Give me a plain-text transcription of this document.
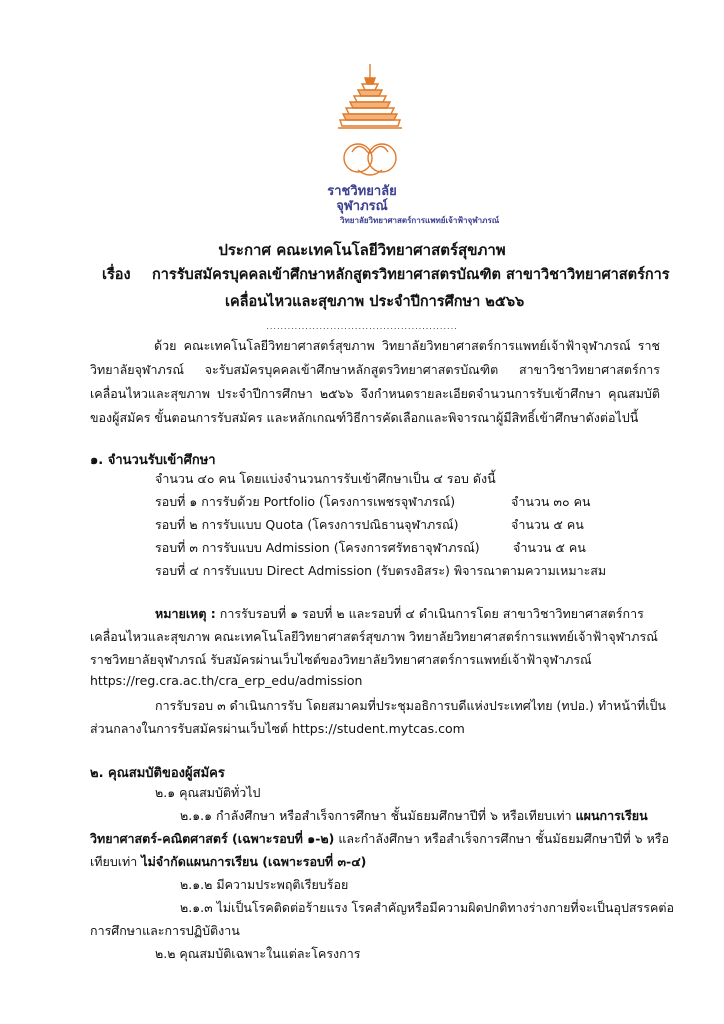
ราชวิทยาลัย
จุฬาภรณ์
วิทยาลัยวิทยาศาสตร์การแพทย์เจ้าฟ้าจุฬาภรณ์
ประกาศ คณะเทคโนโลยีวิทยาศาสตร์สุขภาพ
เรื่อง การรับสมัครบุคคลเข้าศึกษาหลักสูตรวิทยาศาสตรบัณฑิต สาขาวิชาวิทยาศาสตร์การ
เคลื่อนไหวและสุขภาพ ประจำปีการศึกษา ๒๕๖๖
......................................................
ด้วย คณะเทคโนโลยีวิทยาศาสตร์สุขภาพ วิทยาลัยวิทยาศาสตร์การแพทย์เจ้าฟ้าจุฬาภรณ์ ราชวิทยาลัยจุฬาภรณ์ จะรับสมัครบุคคลเข้าศึกษาหลักสูตรวิทยาศาสตรบัณฑิต สาขาวิชาวิทยาศาสตร์การเคลื่อนไหวและสุขภาพ ประจำปีการศึกษา ๒๕๖๖ จึงกำหนดรายละเอียดจำนวนการรับเข้าศึกษา คุณสมบัติของผู้สมัคร ขั้นตอนการรับสมัคร และหลักเกณฑ์วิธีการคัดเลือกและพิจารณาผู้มีสิทธิ์เข้าศึกษาดังต่อไปนี้
๑. จำนวนรับเข้าศึกษา
จำนวน ๔๐ คน โดยแบ่งจำนวนการรับเข้าศึกษาเป็น ๔ รอบ ดังนี้
รอบที่ ๑ การรับด้วย Portfolio (โครงการเพชรจุฬาภรณ์)	จำนวน ๓๐ คน
รอบที่ ๒ การรับแบบ Quota (โครงการปณิธานจุฬาภรณ์)	จำนวน ๕ คน
รอบที่ ๓ การรับแบบ Admission (โครงการศรัทธาจุฬาภรณ์)	จำนวน ๕ คน
รอบที่ ๔ การรับแบบ Direct Admission (รับตรงอิสระ) พิจารณาตามความเหมาะสม
หมายเหตุ : การรับรอบที่ ๑ รอบที่ ๒ และรอบที่ ๔ ดำเนินการโดย สาขาวิชาวิทยาศาสตร์การ
เคลื่อนไหวและสุขภาพ คณะเทคโนโลยีวิทยาศาสตร์สุขภาพ วิทยาลัยวิทยาศาสตร์การแพทย์เจ้าฟ้าจุฬาภรณ์
ราชวิทยาลัยจุฬาภรณ์ รับสมัครผ่านเว็บไซต์ของวิทยาลัยวิทยาศาสตร์การแพทย์เจ้าฟ้าจุฬาภรณ์
https://reg.cra.ac.th/cra_erp_edu/admission
การรับรอบ ๓ ดำเนินการรับ โดยสมาคมที่ประชุมอธิการบดีแห่งประเทศไทย (ทปอ.) ทำหน้าที่เป็น
ส่วนกลางในการรับสมัครผ่านเว็บไซต์ https://student.mytcas.com
๒. คุณสมบัติของผู้สมัคร
๒.๑ คุณสมบัติทั่วไป
๒.๑.๑ กำลังศึกษา หรือสำเร็จการศึกษา ชั้นมัธยมศึกษาปีที่ ๖ หรือเทียบเท่า แผนการเรียน
วิทยาศาสตร์-คณิตศาสตร์ (เฉพาะรอบที่ ๑-๒) และกำลังศึกษา หรือสำเร็จการศึกษา ชั้นมัธยมศึกษาปีที่ ๖ หรือ
เทียบเท่า ไม่จำกัดแผนการเรียน (เฉพาะรอบที่ ๓-๔)
๒.๑.๒ มีความประพฤติเรียบร้อย
๒.๑.๓ ไม่เป็นโรคติดต่อร้ายแรง โรคสำคัญหรือมีความผิดปกติทางร่างกายที่จะเป็นอุปสรรคต่อ
การศึกษาและการปฏิบัติงาน
๒.๒ คุณสมบัติเฉพาะในแต่ละโครงการ
